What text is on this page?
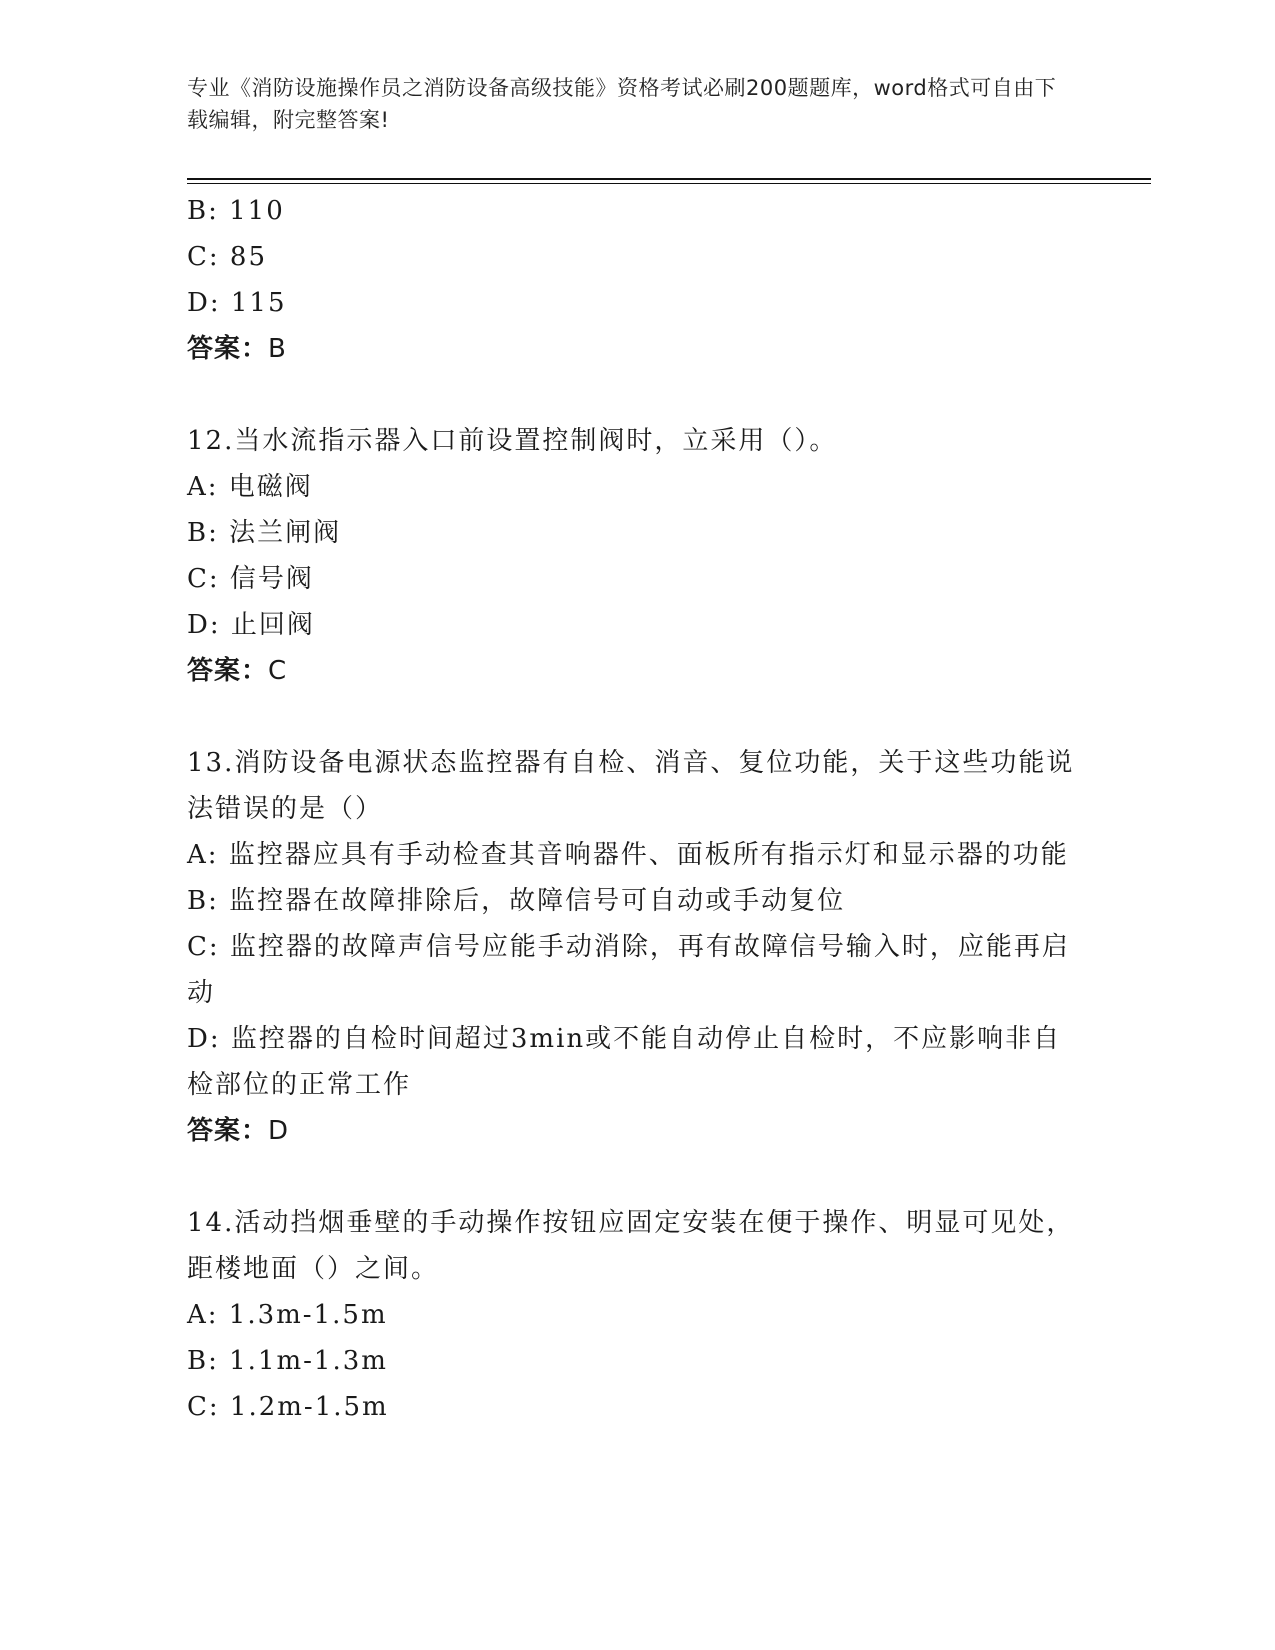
专业《消防设施操作员之消防设备高级技能》资格考试必刷200题题库，word格式可自由下载编辑，附完整答案!

B: 110

C: 85

D: 115

答案：B

12.当水流指示器入口前设置控制阀时，立采用（）。

A: 电磁阀

B: 法兰闸阀

C: 信号阀

D: 止回阀

答案：C

13.消防设备电源状态监控器有自检、消音、复位功能，关于这些功能说法错误的是（）

A: 监控器应具有手动检查其音响器件、面板所有指示灯和显示器的功能

B: 监控器在故障排除后，故障信号可自动或手动复位

C: 监控器的故障声信号应能手动消除，再有故障信号输入时，应能再启动

D: 监控器的自检时间超过3min或不能自动停止自检时，不应影响非自检部位的正常工作

答案：D

14.活动挡烟垂壁的手动操作按钮应固定安装在便于操作、明显可见处，距楼地面（）之间。

A: 1.3m-1.5m

B: 1.1m-1.3m

C: 1.2m-1.5m
